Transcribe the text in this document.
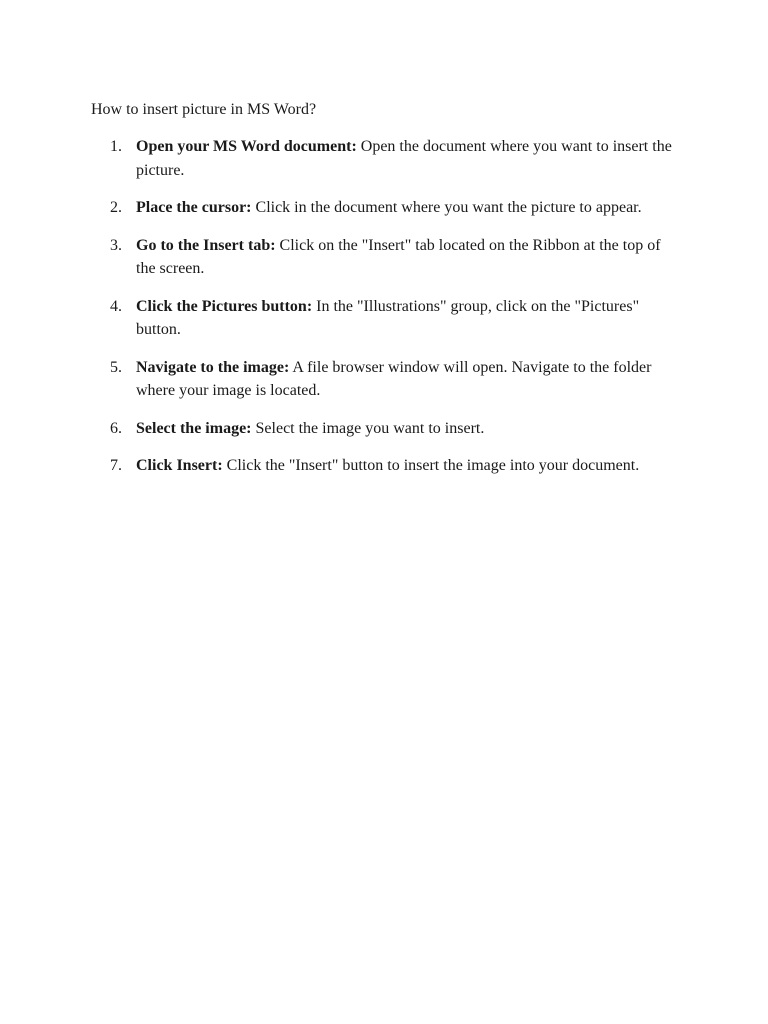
How to insert picture in MS Word?

1. Open your MS Word document: Open the document where you want to insert the picture.
2. Place the cursor: Click in the document where you want the picture to appear.
3. Go to the Insert tab: Click on the "Insert" tab located on the Ribbon at the top of the screen.
4. Click the Pictures button: In the "Illustrations" group, click on the "Pictures" button.
5. Navigate to the image: A file browser window will open. Navigate to the folder where your image is located.
6. Select the image: Select the image you want to insert.
7. Click Insert: Click the "Insert" button to insert the image into your document.
